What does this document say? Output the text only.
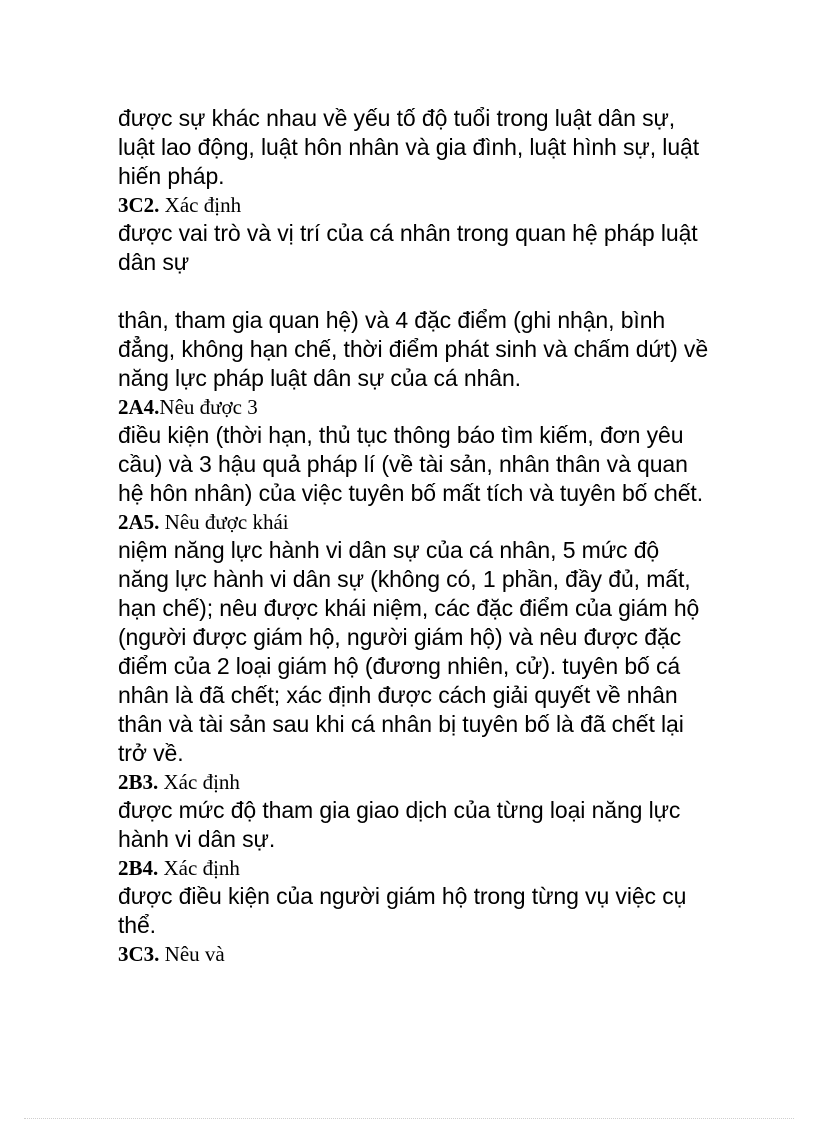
được sự khác nhau về yếu tố độ tuổi trong luật dân sự, luật lao động, luật hôn nhân và gia đình, luật hình sự, luật hiến pháp.

3C2. Xác định

được vai trò và vị trí của cá nhân trong quan hệ pháp luật dân sự

thân, tham gia quan hệ) và 4 đặc điểm (ghi nhận, bình đẳng, không hạn chế, thời điểm phát sinh và chấm dứt) về năng lực pháp luật dân sự của cá nhân.

2A4.Nêu được 3

điều kiện (thời hạn, thủ tục thông báo tìm kiếm, đơn yêu cầu) và 3 hậu quả pháp lí (về tài sản, nhân thân và quan hệ hôn nhân) của việc tuyên bố mất tích và tuyên bố chết.

2A5. Nêu được khái

niệm năng lực hành vi dân sự của cá nhân, 5 mức độ năng lực hành vi dân sự (không có, 1 phần, đầy đủ, mất, hạn chế); nêu được khái niệm, các đặc điểm của giám hộ (người được giám hộ, người giám hộ) và nêu được đặc điểm của 2 loại giám hộ (đương nhiên, cử). tuyên bố cá nhân là đã chết; xác định được cách giải quyết về nhân thân và tài sản sau khi cá nhân bị tuyên bố là đã chết lại trở về.

2B3. Xác định

được mức độ tham gia giao dịch của từng loại năng lực hành vi dân sự.

2B4. Xác định

được điều kiện của người giám hộ trong từng vụ việc cụ thể.

3C3. Nêu và
